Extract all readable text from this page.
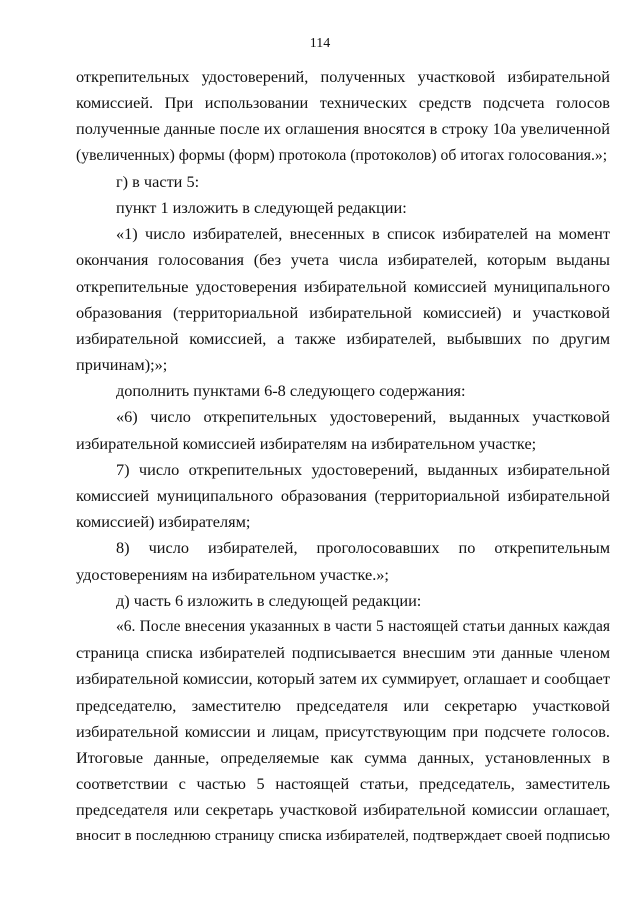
114
открепительных удостоверений, полученных участковой избирательной
комиссией. При использовании технических средств подсчета голосов
полученные данные после их оглашения вносятся в строку 10а увеличенной
(увеличенных) формы (форм) протокола (протоколов) об итогах голосования.»;
г) в части 5:
пункт 1 изложить в следующей редакции:
«1) число избирателей, внесенных в список избирателей на момент
окончания голосования (без учета числа избирателей, которым выданы
открепительные удостоверения избирательной комиссией муниципального
образования (территориальной избирательной комиссией) и участковой
избирательной комиссией, а также избирателей, выбывших по другим
причинам);»;
дополнить пунктами 6-8 следующего содержания:
«6) число открепительных удостоверений, выданных участковой
избирательной комиссией избирателям на избирательном участке;
7) число открепительных удостоверений, выданных избирательной
комиссией муниципального образования (территориальной избирательной
комиссией) избирателям;
8) число избирателей, проголосовавших по открепительным
удостоверениям на избирательном участке.»;
д) часть 6 изложить в следующей редакции:
«6. После внесения указанных в части 5 настоящей статьи данных каждая
страница списка избирателей подписывается внесшим эти данные членом
избирательной комиссии, который затем их суммирует, оглашает и сообщает
председателю, заместителю председателя или секретарю участковой
избирательной комиссии и лицам, присутствующим при подсчете голосов.
Итоговые данные, определяемые как сумма данных, установленных в
соответствии с частью 5 настоящей статьи, председатель, заместитель
председателя или секретарь участковой избирательной комиссии оглашает,
вносит в последнюю страницу списка избирателей, подтверждает своей подписью
